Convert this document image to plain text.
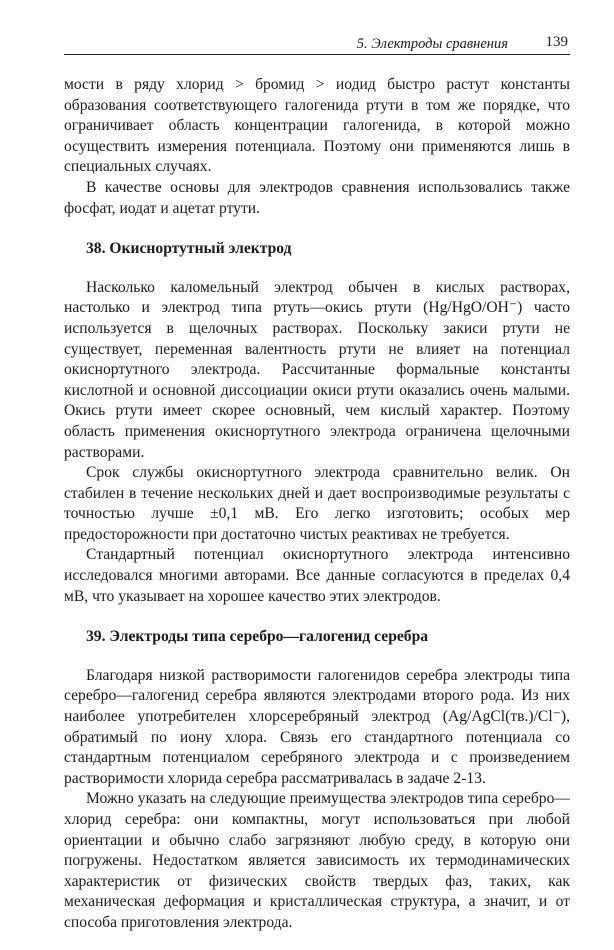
5. Электроды сравнения	139

мости в ряду хлорид > бромид > иодид быстро растут константы образования соответствующего галогенида ртути в том же порядке, что ограничивает область концентрации галогенида, в которой можно осуществить измерения потенциала. Поэтому они применяются лишь в специальных случаях.

В качестве основы для электродов сравнения использовались также фосфат, иодат и ацетат ртути.

38. Окиснортутный электрод

Насколько каломельный электрод обычен в кислых растворах, настолько и электрод типа ртуть—окись ртути (Hg/HgO/OH⁻) часто используется в щелочных растворах. Поскольку закиси ртути не существует, переменная валентность ртути не влияет на потенциал окиснортутного электрода. Рассчитанные формальные константы кислотной и основной диссоциации окиси ртути оказались очень малыми. Окись ртути имеет скорее основный, чем кислый характер. Поэтому область применения окиснортутного электрода ограничена щелочными растворами.

Срок службы окиснортутного электрода сравнительно велик. Он стабилен в течение нескольких дней и дает воспроизводимые результаты с точностью лучше ±0,1 мВ. Его легко изготовить; особых мер предосторожности при достаточно чистых реактивах не требуется.

Стандартный потенциал окиснортутного электрода интенсивно исследовался многими авторами. Все данные согласуются в пределах 0,4 мВ, что указывает на хорошее качество этих электродов.

39. Электроды типа серебро—галогенид серебра

Благодаря низкой растворимости галогенидов серебра электроды типа серебро—галогенид серебра являются электродами второго рода. Из них наиболее употребителен хлорсеребряный электрод (Ag/AgCl(тв.)/Cl⁻), обратимый по иону хлора. Связь его стандартного потенциала со стандартным потенциалом серебряного электрода и с произведением растворимости хлорида серебра рассматривалась в задаче 2-13.

Можно указать на следующие преимущества электродов типа серебро—хлорид серебра: они компактны, могут использоваться при любой ориентации и обычно слабо загрязняют любую среду, в которую они погружены. Недостатком является зависимость их термодинамических характеристик от физических свойств твердых фаз, таких, как механическая деформация и кристаллическая структура, а значит, и от способа приготовления электрода.
